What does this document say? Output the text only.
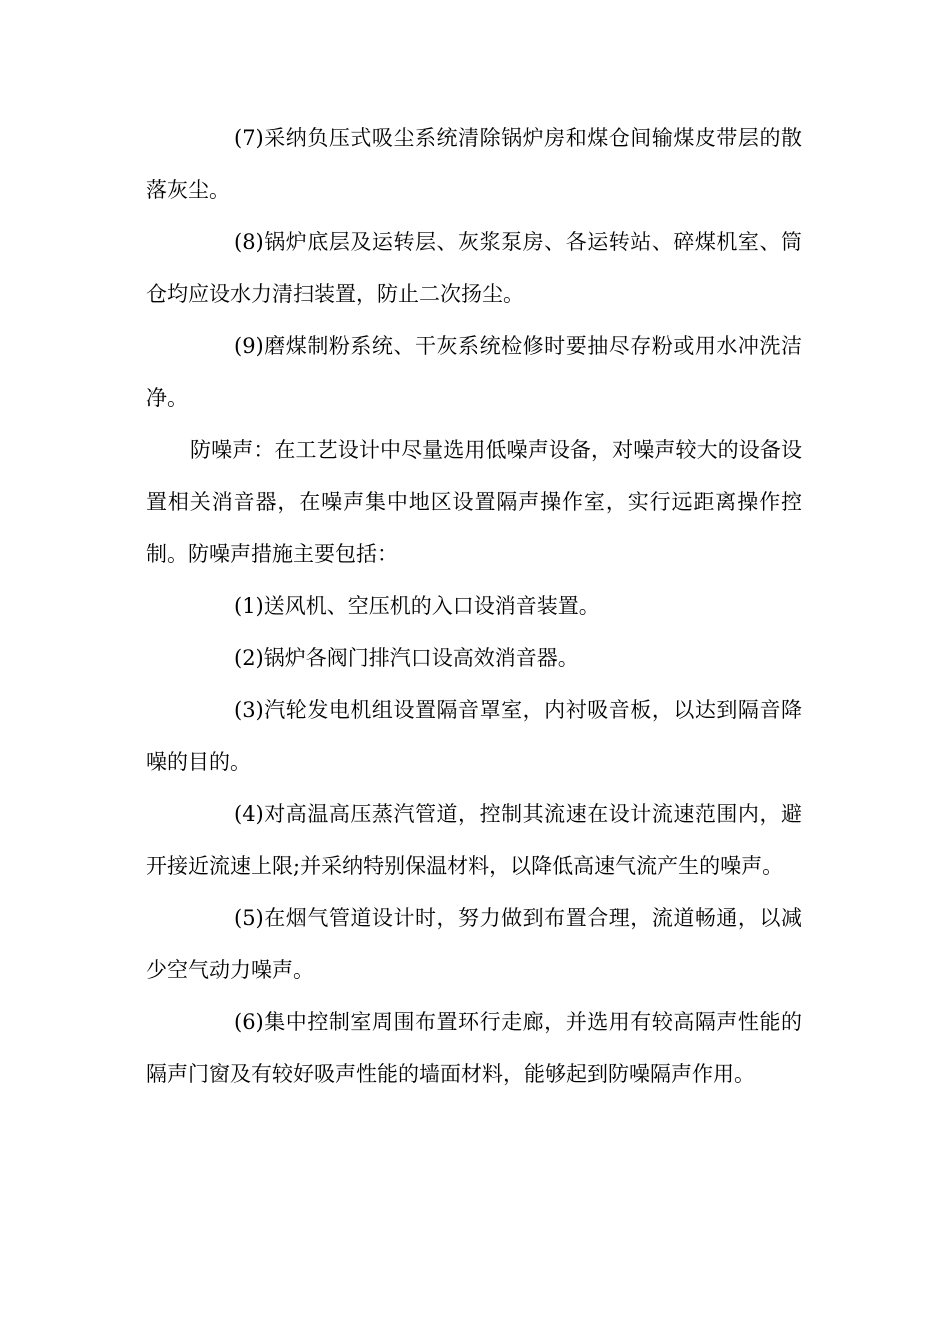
(7)采纳负压式吸尘系统清除锅炉房和煤仓间输煤皮带层的散落灰尘。

(8)锅炉底层及运转层、灰浆泵房、各运转站、碎煤机室、筒仓均应设水力清扫装置，防止二次扬尘。

(9)磨煤制粉系统、干灰系统检修时要抽尽存粉或用水冲洗洁净。

防噪声：在工艺设计中尽量选用低噪声设备，对噪声较大的设备设置相关消音器，在噪声集中地区设置隔声操作室，实行远距离操作控制。防噪声措施主要包括：

(1)送风机、空压机的入口设消音装置。

(2)锅炉各阀门排汽口设高效消音器。

(3)汽轮发电机组设置隔音罩室，内衬吸音板，以达到隔音降噪的目的。

(4)对高温高压蒸汽管道，控制其流速在设计流速范围内，避开接近流速上限;并采纳特别保温材料，以降低高速气流产生的噪声。

(5)在烟气管道设计时，努力做到布置合理，流道畅通，以减少空气动力噪声。

(6)集中控制室周围布置环行走廊，并选用有较高隔声性能的隔声门窗及有较好吸声性能的墙面材料，能够起到防噪隔声作用。
